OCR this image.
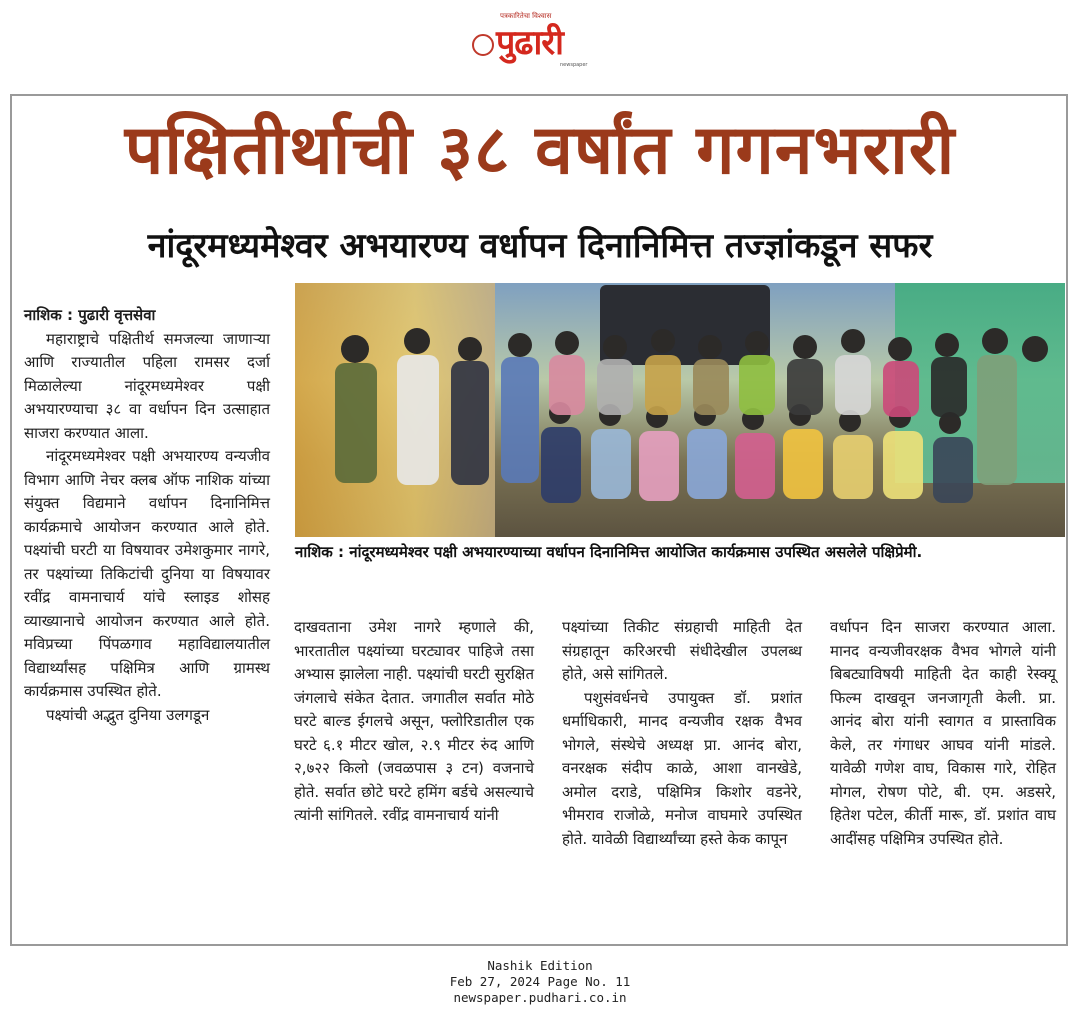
पत्रकारितेचा विश्वास
पुढारी
newspaper
पक्षितीर्थाची ३८ वर्षांत गगनभरारी
नांदूरमध्यमेश्वर अभयारण्य वर्धापन दिनानिमित्त तज्ज्ञांकडून सफर

नाशिक : पुढारी वृत्तसेवा

महाराष्ट्राचे पक्षितीर्थ समजल्या जाणाऱ्या आणि राज्यातील पहिला रामसर दर्जा मिळालेल्या नांदूरमध्यमेश्वर पक्षी अभयारण्याचा ३८ वा वर्धापन दिन उत्साहात साजरा करण्यात आला.

नांदूरमध्यमेश्वर पक्षी अभयारण्य वन्यजीव विभाग आणि नेचर क्लब ऑफ नाशिक यांच्या संयुक्त विद्यमाने वर्धापन दिनानिमित्त कार्यक्रमाचे आयोजन करण्यात आले होते. पक्ष्यांची घरटी या विषयावर उमेशकुमार नागरे, तर पक्ष्यांच्या तिकिटांची दुनिया या विषयावर रवींद्र वामनाचार्य यांचे स्लाइड शोसह व्याख्यानाचे आयोजन करण्यात आले होते. मविप्रच्या पिंपळगाव महाविद्यालयातील विद्यार्थ्यांसह पक्षिमित्र आणि ग्रामस्थ कार्यक्रमास उपस्थित होते.

पक्ष्यांची अद्भुत दुनिया उलगडून

नाशिक : नांदूरमध्यमेश्वर पक्षी अभयारण्याच्या वर्धापन दिनानिमित्त आयोजित कार्यक्रमास उपस्थित असलेले पक्षिप्रेमी.

दाखवताना उमेश नागरे म्हणाले की, भारतातील पक्ष्यांच्या घरट्यावर पाहिजे तसा अभ्यास झालेला नाही. पक्ष्यांची घरटी सुरक्षित जंगलाचे संकेत देतात. जगातील सर्वात मोठे घरटे बाल्ड ईगलचे असून, फ्लोरिडातील एक घरटे ६.१ मीटर खोल, २.९ मीटर रुंद आणि २,७२२ किलो (जवळपास ३ टन) वजनाचे होते. सर्वात छोटे घरटे हमिंग बर्डचे असल्याचे त्यांनी सांगितले. रवींद्र वामनाचार्य यांनी

पक्ष्यांच्या तिकीट संग्रहाची माहिती देत संग्रहातून करिअरची संधीदेखील उपलब्ध होते, असे सांगितले.

पशुसंवर्धनचे उपायुक्त डॉ. प्रशांत धर्माधिकारी, मानद वन्यजीव रक्षक वैभव भोगले, संस्थेचे अध्यक्ष प्रा. आनंद बोरा, वनरक्षक संदीप काळे, आशा वानखेडे, अमोल दराडे, पक्षिमित्र किशोर वडनेरे, भीमराव राजोळे, मनोज वाघमारे उपस्थित होते. यावेळी विद्यार्थ्यांच्या हस्ते केक कापून

वर्धापन दिन साजरा करण्यात आला. मानद वन्यजीवरक्षक वैभव भोगले यांनी बिबट्याविषयी माहिती देत काही रेस्क्यू फिल्म दाखवून जनजागृती केली. प्रा. आनंद बोरा यांनी स्वागत व प्रास्ताविक केले, तर गंगाधर आघव यांनी मांडले. यावेळी गणेश वाघ, विकास गारे, रोहित मोगल, रोषण पोटे, बी. एम. अडसरे, हितेश पटेल, कीर्ती मारू, डॉ. प्रशांत वाघ आदींसह पक्षिमित्र उपस्थित होते.

Nashik Edition
Feb 27, 2024 Page No. 11
newspaper.pudhari.co.in
